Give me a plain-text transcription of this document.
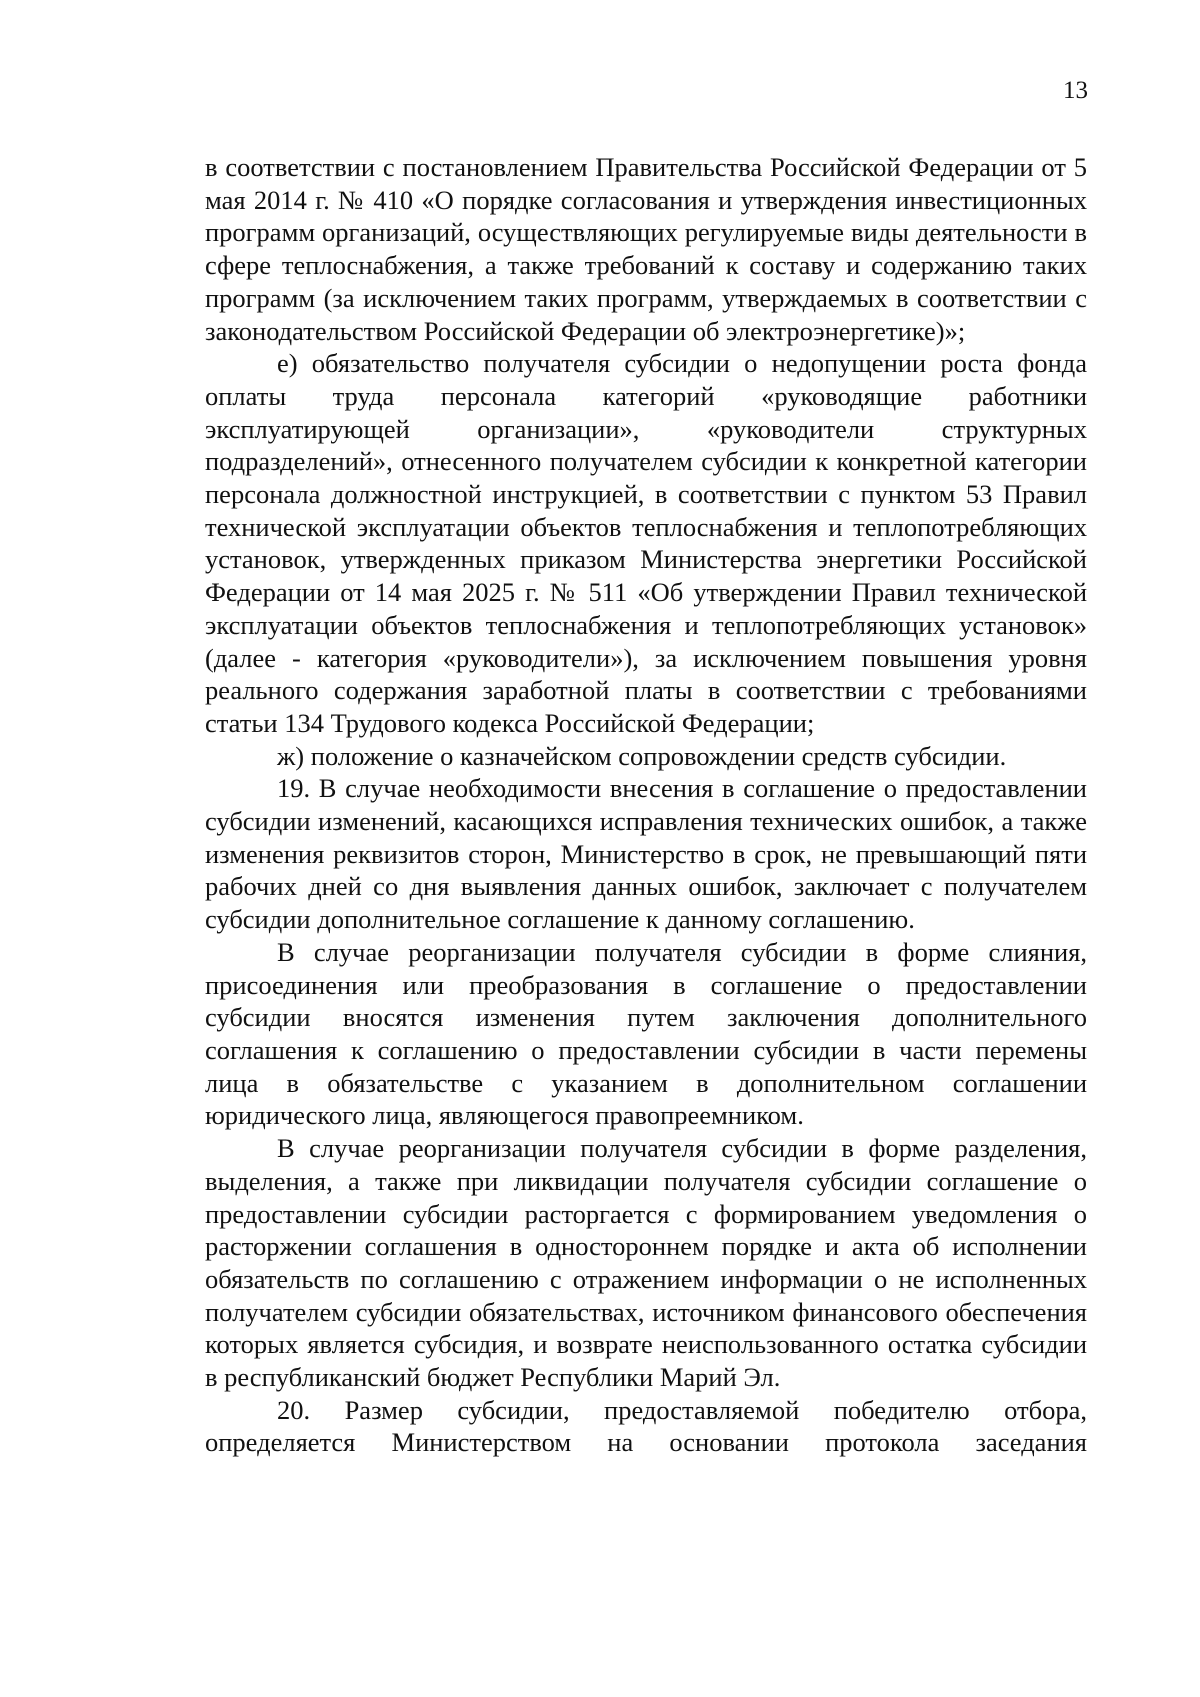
13

в соответствии с постановлением Правительства Российской Федерации от 5 мая 2014 г. № 410 «О порядке согласования и утверждения инвестиционных программ организаций, осуществляющих регулируемые виды деятельности в сфере теплоснабжения, а также требований к составу и содержанию таких программ (за исключением таких программ, утверждаемых в соответствии с законодательством Российской Федерации об электроэнергетике)»;

е) обязательство получателя субсидии о недопущении роста фонда оплаты труда персонала категорий «руководящие работники эксплуатирующей организации», «руководители структурных подразделений», отнесенного получателем субсидии к конкретной категории персонала должностной инструкцией, в соответствии с пунктом 53 Правил технической эксплуатации объектов теплоснабжения и теплопотребляющих установок, утвержденных приказом Министерства энергетики Российской Федерации от 14 мая 2025 г. № 511 «Об утверждении Правил технической эксплуатации объектов теплоснабжения и теплопотребляющих установок» (далее - категория «руководители»), за исключением повышения уровня реального содержания заработной платы в соответствии с требованиями статьи 134 Трудового кодекса Российской Федерации;

ж) положение о казначейском сопровождении средств субсидии.

19. В случае необходимости внесения в соглашение о предоставлении субсидии изменений, касающихся исправления технических ошибок, а также изменения реквизитов сторон, Министерство в срок, не превышающий пяти рабочих дней со дня выявления данных ошибок, заключает с получателем субсидии дополнительное соглашение к данному соглашению.

В случае реорганизации получателя субсидии в форме слияния, присоединения или преобразования в соглашение о предоставлении субсидии вносятся изменения путем заключения дополнительного соглашения к соглашению о предоставлении субсидии в части перемены лица в обязательстве с указанием в дополнительном соглашении юридического лица, являющегося правопреемником.

В случае реорганизации получателя субсидии в форме разделения, выделения, а также при ликвидации получателя субсидии соглашение о предоставлении субсидии расторгается с формированием уведомления о расторжении соглашения в одностороннем порядке и акта об исполнении обязательств по соглашению с отражением информации о не исполненных получателем субсидии обязательствах, источником финансового обеспечения которых является субсидия, и возврате неиспользованного остатка субсидии в республиканский бюджет Республики Марий Эл.

20. Размер субсидии, предоставляемой победителю отбора, определяется Министерством на основании протокола заседания
